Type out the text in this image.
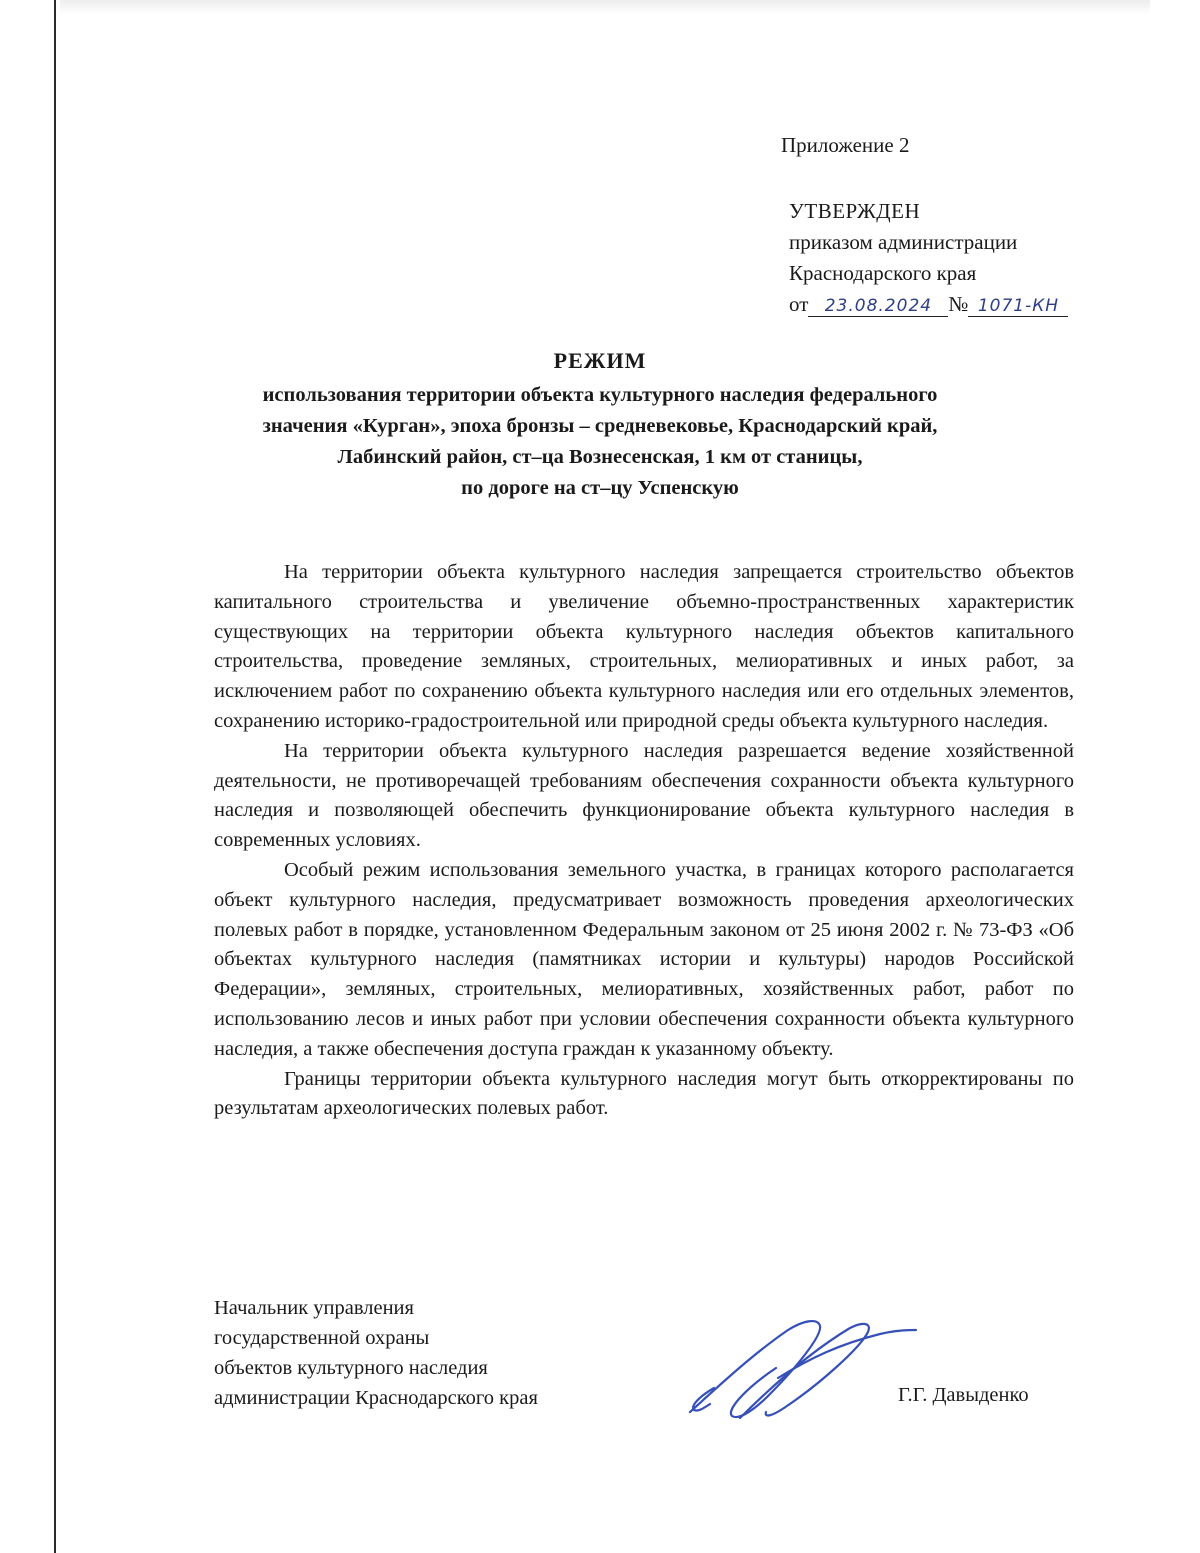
Приложение 2
УТВЕРЖДЕН
приказом администрации
Краснодарского края
от 23.08.2024 № 1071-КН
РЕЖИМ
использования территории объекта культурного наследия федерального
значения «Курган», эпоха бронзы – средневековье, Краснодарский край,
Лабинский район, ст–ца Вознесенская, 1 км от станицы,
по дороге на ст–цу Успенскую

На территории объекта культурного наследия запрещается строительство объектов капитального строительства и увеличение объемно-пространственных характеристик существующих на территории объекта культурного наследия объектов капитального строительства, проведение земляных, строительных, мелиоративных и иных работ, за исключением работ по сохранению объекта культурного наследия или его отдельных элементов, сохранению историко-градостроительной или природной среды объекта культурного наследия.

На территории объекта культурного наследия разрешается ведение хозяйственной деятельности, не противоречащей требованиям обеспечения сохранности объекта культурного наследия и позволяющей обеспечить функционирование объекта культурного наследия в современных условиях.

Особый режим использования земельного участка, в границах которого располагается объект культурного наследия, предусматривает возможность проведения археологических полевых работ в порядке, установленном Федеральным законом от 25 июня 2002 г. № 73-ФЗ «Об объектах культурного наследия (памятниках истории и культуры) народов Российской Федерации», земляных, строительных, мелиоративных, хозяйственных работ, работ по использованию лесов и иных работ при условии обеспечения сохранности объекта культурного наследия, а также обеспечения доступа граждан к указанному объекту.

Границы территории объекта культурного наследия могут быть откорректированы по результатам археологических полевых работ.

Начальник управления
государственной охраны
объектов культурного наследия
администрации Краснодарского края	Г.Г. Давыденко
